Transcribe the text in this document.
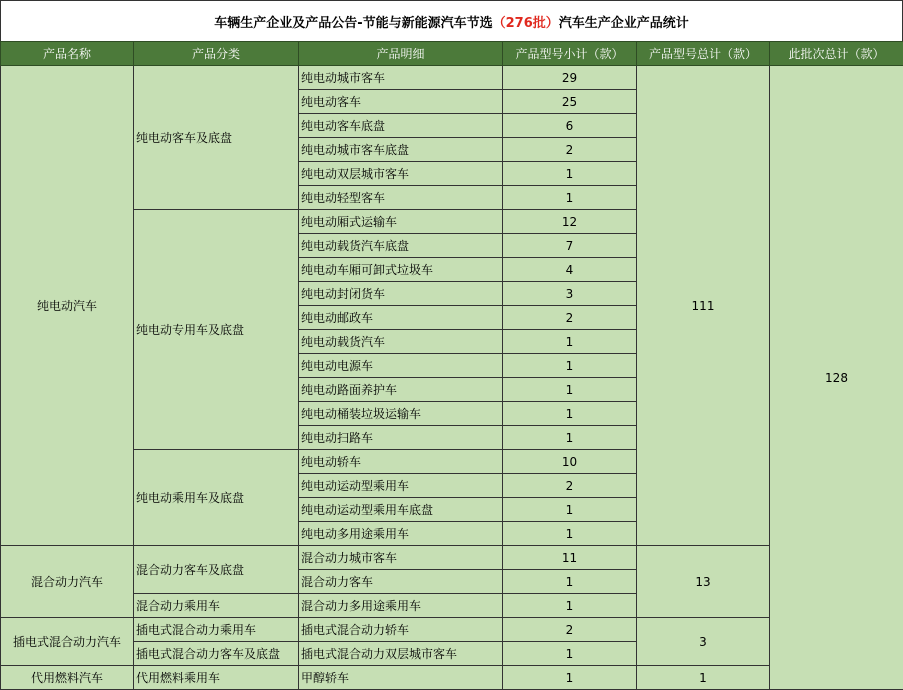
车辆生产企业及产品公告-节能与新能源汽车节选 （276批） 汽车生产企业产品统计
产品名称	产品分类	产品明细	产品型号小计（款）	产品型号总计（款）	此批次总计（款）
纯电动汽车	纯电动客车及底盘	纯电动城市客车	29	111	128
		纯电动客车	25		
		纯电动客车底盘	6		
		纯电动城市客车底盘	2		
		纯电动双层城市客车	1		
		纯电动轻型客车	1		
	纯电动专用车及底盘	纯电动厢式运输车	12		
		纯电动载货汽车底盘	7		
		纯电动车厢可卸式垃圾车	4		
		纯电动封闭货车	3		
		纯电动邮政车	2		
		纯电动载货汽车	1		
		纯电动电源车	1		
		纯电动路面养护车	1		
		纯电动桶装垃圾运输车	1		
		纯电动扫路车	1		
	纯电动乘用车及底盘	纯电动轿车	10		
		纯电动运动型乘用车	2		
		纯电动运动型乘用车底盘	1		
		纯电动多用途乘用车	1		
混合动力汽车	混合动力客车及底盘	混合动力城市客车	11	13	
		混合动力客车	1		
	混合动力乘用车	混合动力多用途乘用车	1		
插电式混合动力汽车	插电式混合动力乘用车	插电式混合动力轿车	2	3	
	插电式混合动力客车及底盘	插电式混合动力双层城市客车	1		
代用燃料汽车	代用燃料乘用车	甲醇轿车	1	1	
